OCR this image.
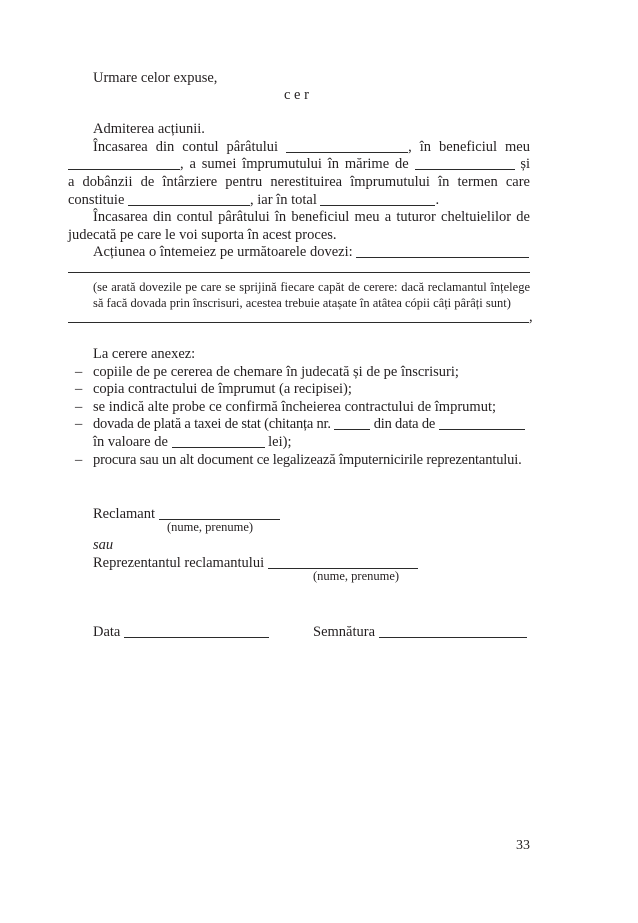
Urmare celor expuse,
c e r
Admiterea acțiunii.
Încasarea din contul pârâtului	, în beneficiul meu
, a sumei împrumutului în mărime de	și
a dobânzii de întârziere pentru nerestituirea împrumutului în termen care
constituie	, iar în total	.
Încasarea din contul pârâtului în beneficiul meu a tuturor cheltuielilor de
judecată pe care le voi suporta în acest proces.
Acțiunea o întemeiez pe următoarele dovezi:
(se arată dovezile pe care se sprijină fiecare capăt de cerere: dacă reclamantul înțelege
să facă dovada prin înscrisuri, acestea trebuie atașate în atâtea cópii câți pârâți sunt)
,
La cerere anexez:
– copiile de pe cererea de chemare în judecată și de pe înscrisuri;
– copia contractului de împrumut (a recipisei);
– se indică alte probe ce confirmă încheierea contractului de împrumut;
– dovada de plată a taxei de stat (chitanța nr.	din data de
în valoare de	lei);
– procura sau un alt document ce legalizează împuternicirile reprezentantului.
Reclamant
(nume, prenume)
sau
Reprezentantul reclamantului
(nume, prenume)
Data	Semnătura
33
